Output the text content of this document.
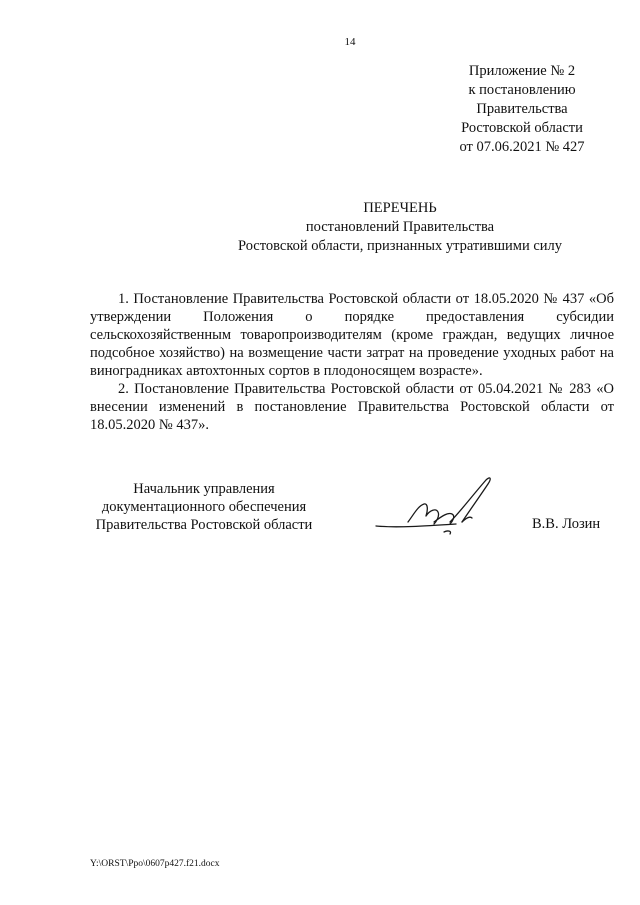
14
Приложение № 2
к постановлению
Правительства
Ростовской области
от 07.06.2021 № 427
ПЕРЕЧЕНЬ
постановлений Правительства
Ростовской области, признанных утратившими силу

1. Постановление Правительства Ростовской области от 18.05.2020 № 437 «Об утверждении Положения о порядке предоставления субсидии сельскохозяйственным товаропроизводителям (кроме граждан, ведущих личное подсобное хозяйство) на возмещение части затрат на проведение уходных работ на виноградниках автохтонных сортов в плодоносящем возрасте».

2. Постановление Правительства Ростовской области от 05.04.2021 № 283 «О внесении изменений в постановление Правительства Ростовской области от 18.05.2020 № 437».

Начальник управления
документационного обеспечения
Правительства Ростовской области	В.В. Лозин
Y:\ORST\Ppo\0607p427.f21.docx
